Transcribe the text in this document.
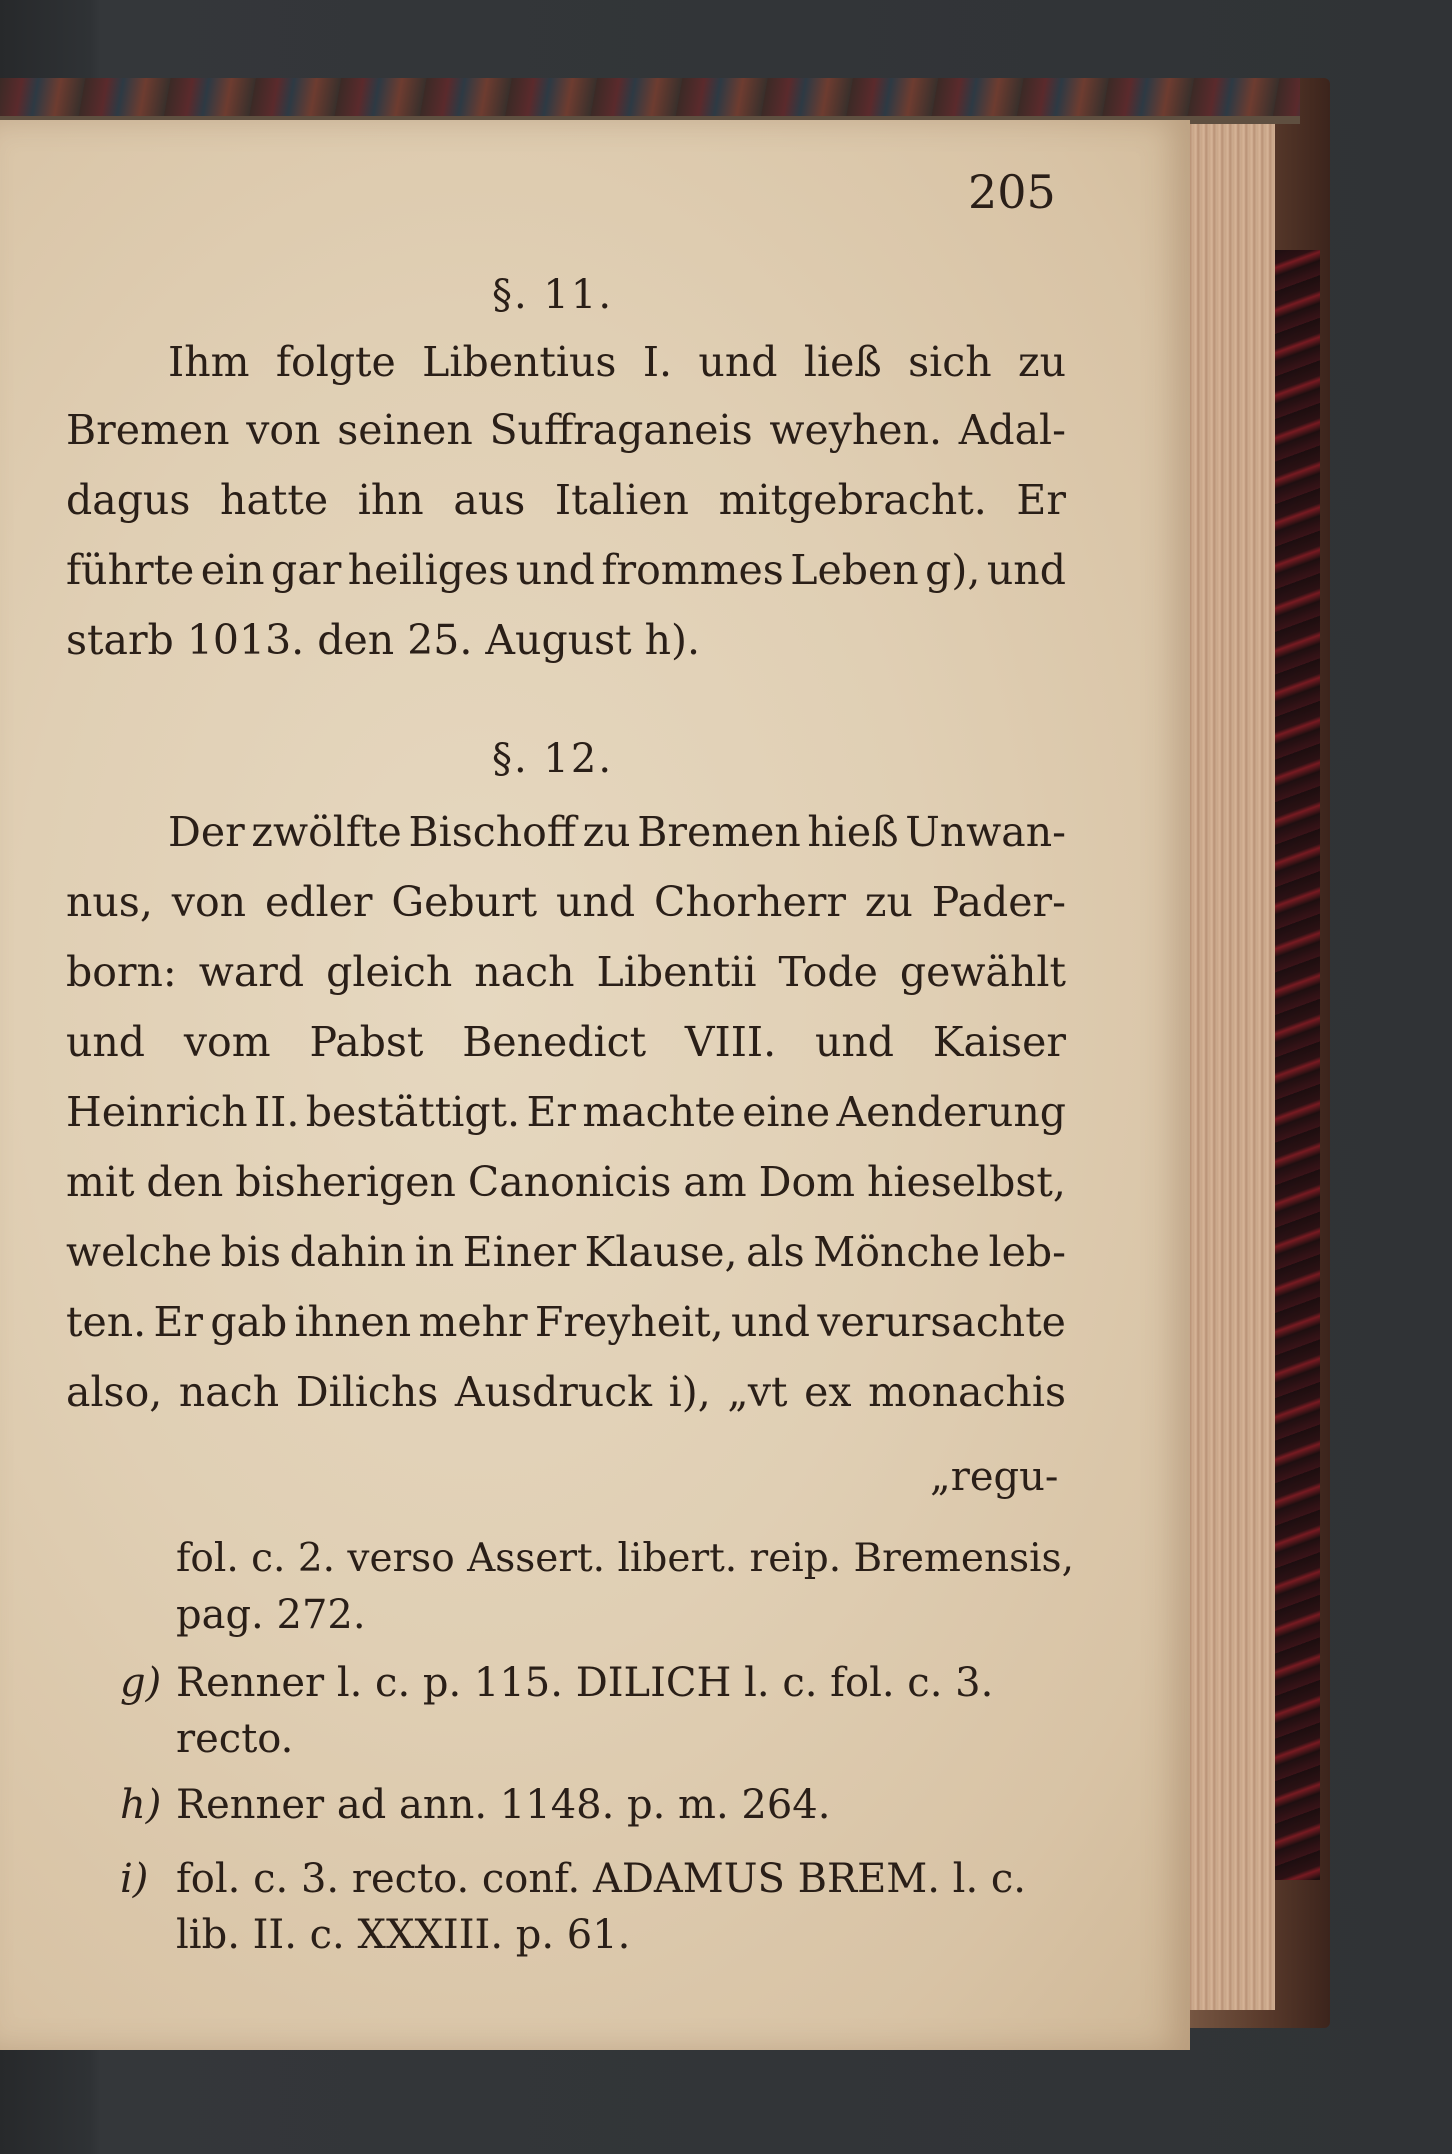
205
§. 11.
Ihm folgte Libentius I. und ließ sich zu
Bremen von seinen Suffraganeis weyhen. Adal-
dagus hatte ihn aus Italien mitgebracht. Er
führte ein gar heiliges und frommes Leben g), und
starb 1013. den 25. August h).
§. 12.
Der zwölfte Bischoff zu Bremen hieß Unwan-
nus, von edler Geburt und Chorherr zu Pader-
born: ward gleich nach Libentii Tode gewählt
und vom Pabst Benedict VIII. und Kaiser
Heinrich II. bestättigt. Er machte eine Aenderung
mit den bisherigen Canonicis am Dom hieselbst,
welche bis dahin in Einer Klause, als Mönche leb-
ten. Er gab ihnen mehr Freyheit, und verursachte
also, nach Dilichs Ausdruck i), „vt ex monachis
„regu-
fol. c. 2. verso Assert. libert. reip. Bremensis,
pag. 272.
g) Renner l. c. p. 115. DILICH l. c. fol. c. 3.
recto.
h) Renner ad ann. 1148. p. m. 264.
i) fol. c. 3. recto. conf. ADAMUS BREM. l. c.
lib. II. c. XXXIII. p. 61.
